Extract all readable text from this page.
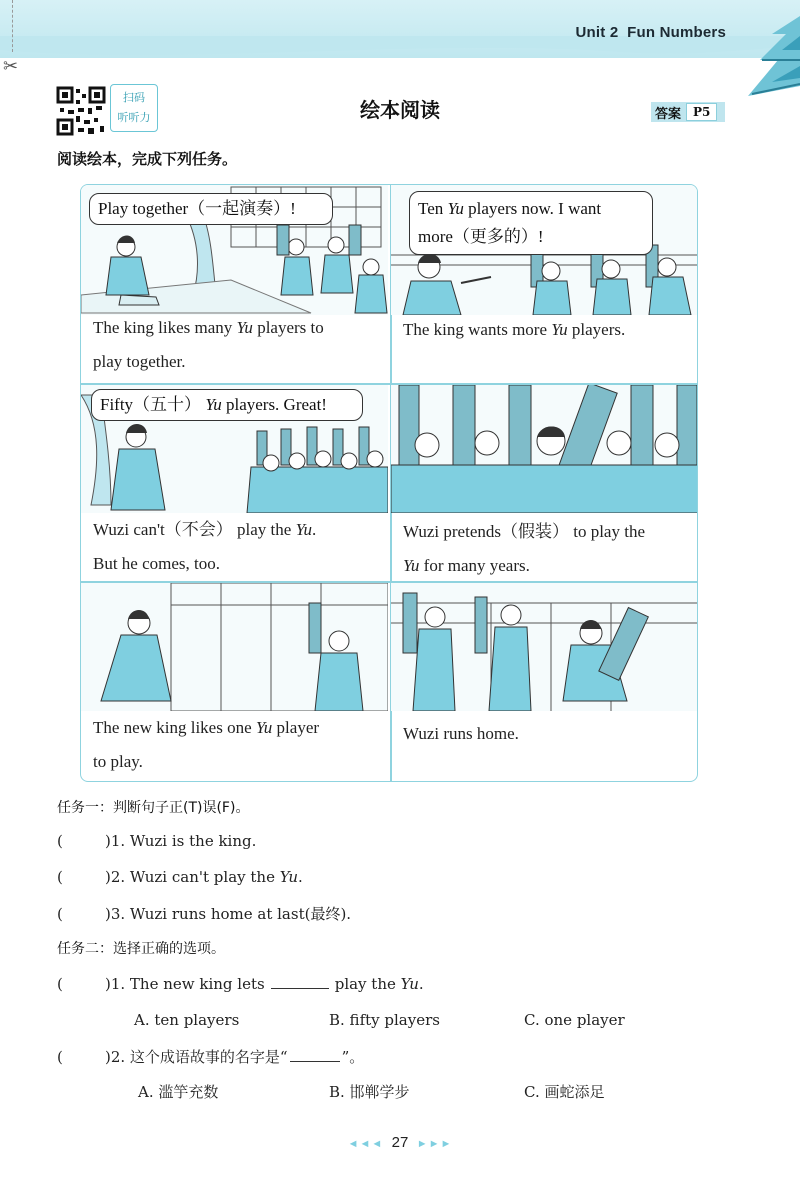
✂
Unit 2 Fun Numbers
扫码
听听力	绘本阅读	答案	P5
阅读绘本，完成下列任务。
Play together（一起演奏）!
The king likes many Yu players to
play together.
Ten Yu players now. I want
more（更多的）!
The king wants more Yu players.
Fifty（五十） Yu players. Great!
Wuzi can't（不会） play the Yu.
But he comes, too.
Wuzi pretends（假装） to play the
Yu for many years.
The new king likes one Yu player
to play.
Wuzi runs home.
任务一：判断句子正(T)误(F)。
(	)1. Wuzi is the king.
(	)2. Wuzi can't play the Yu.
(	)3. Wuzi runs home at last(最终).
任务二：选择正确的选项。
(	)1. The new king lets	play the Yu.
A. ten players	B. fifty players	C. one player
(	)2. 这个成语故事的名字是“	”。
A. 滥竽充数	B. 邯郸学步	C. 画蛇添足
◄◄◄ 27 ►►►
